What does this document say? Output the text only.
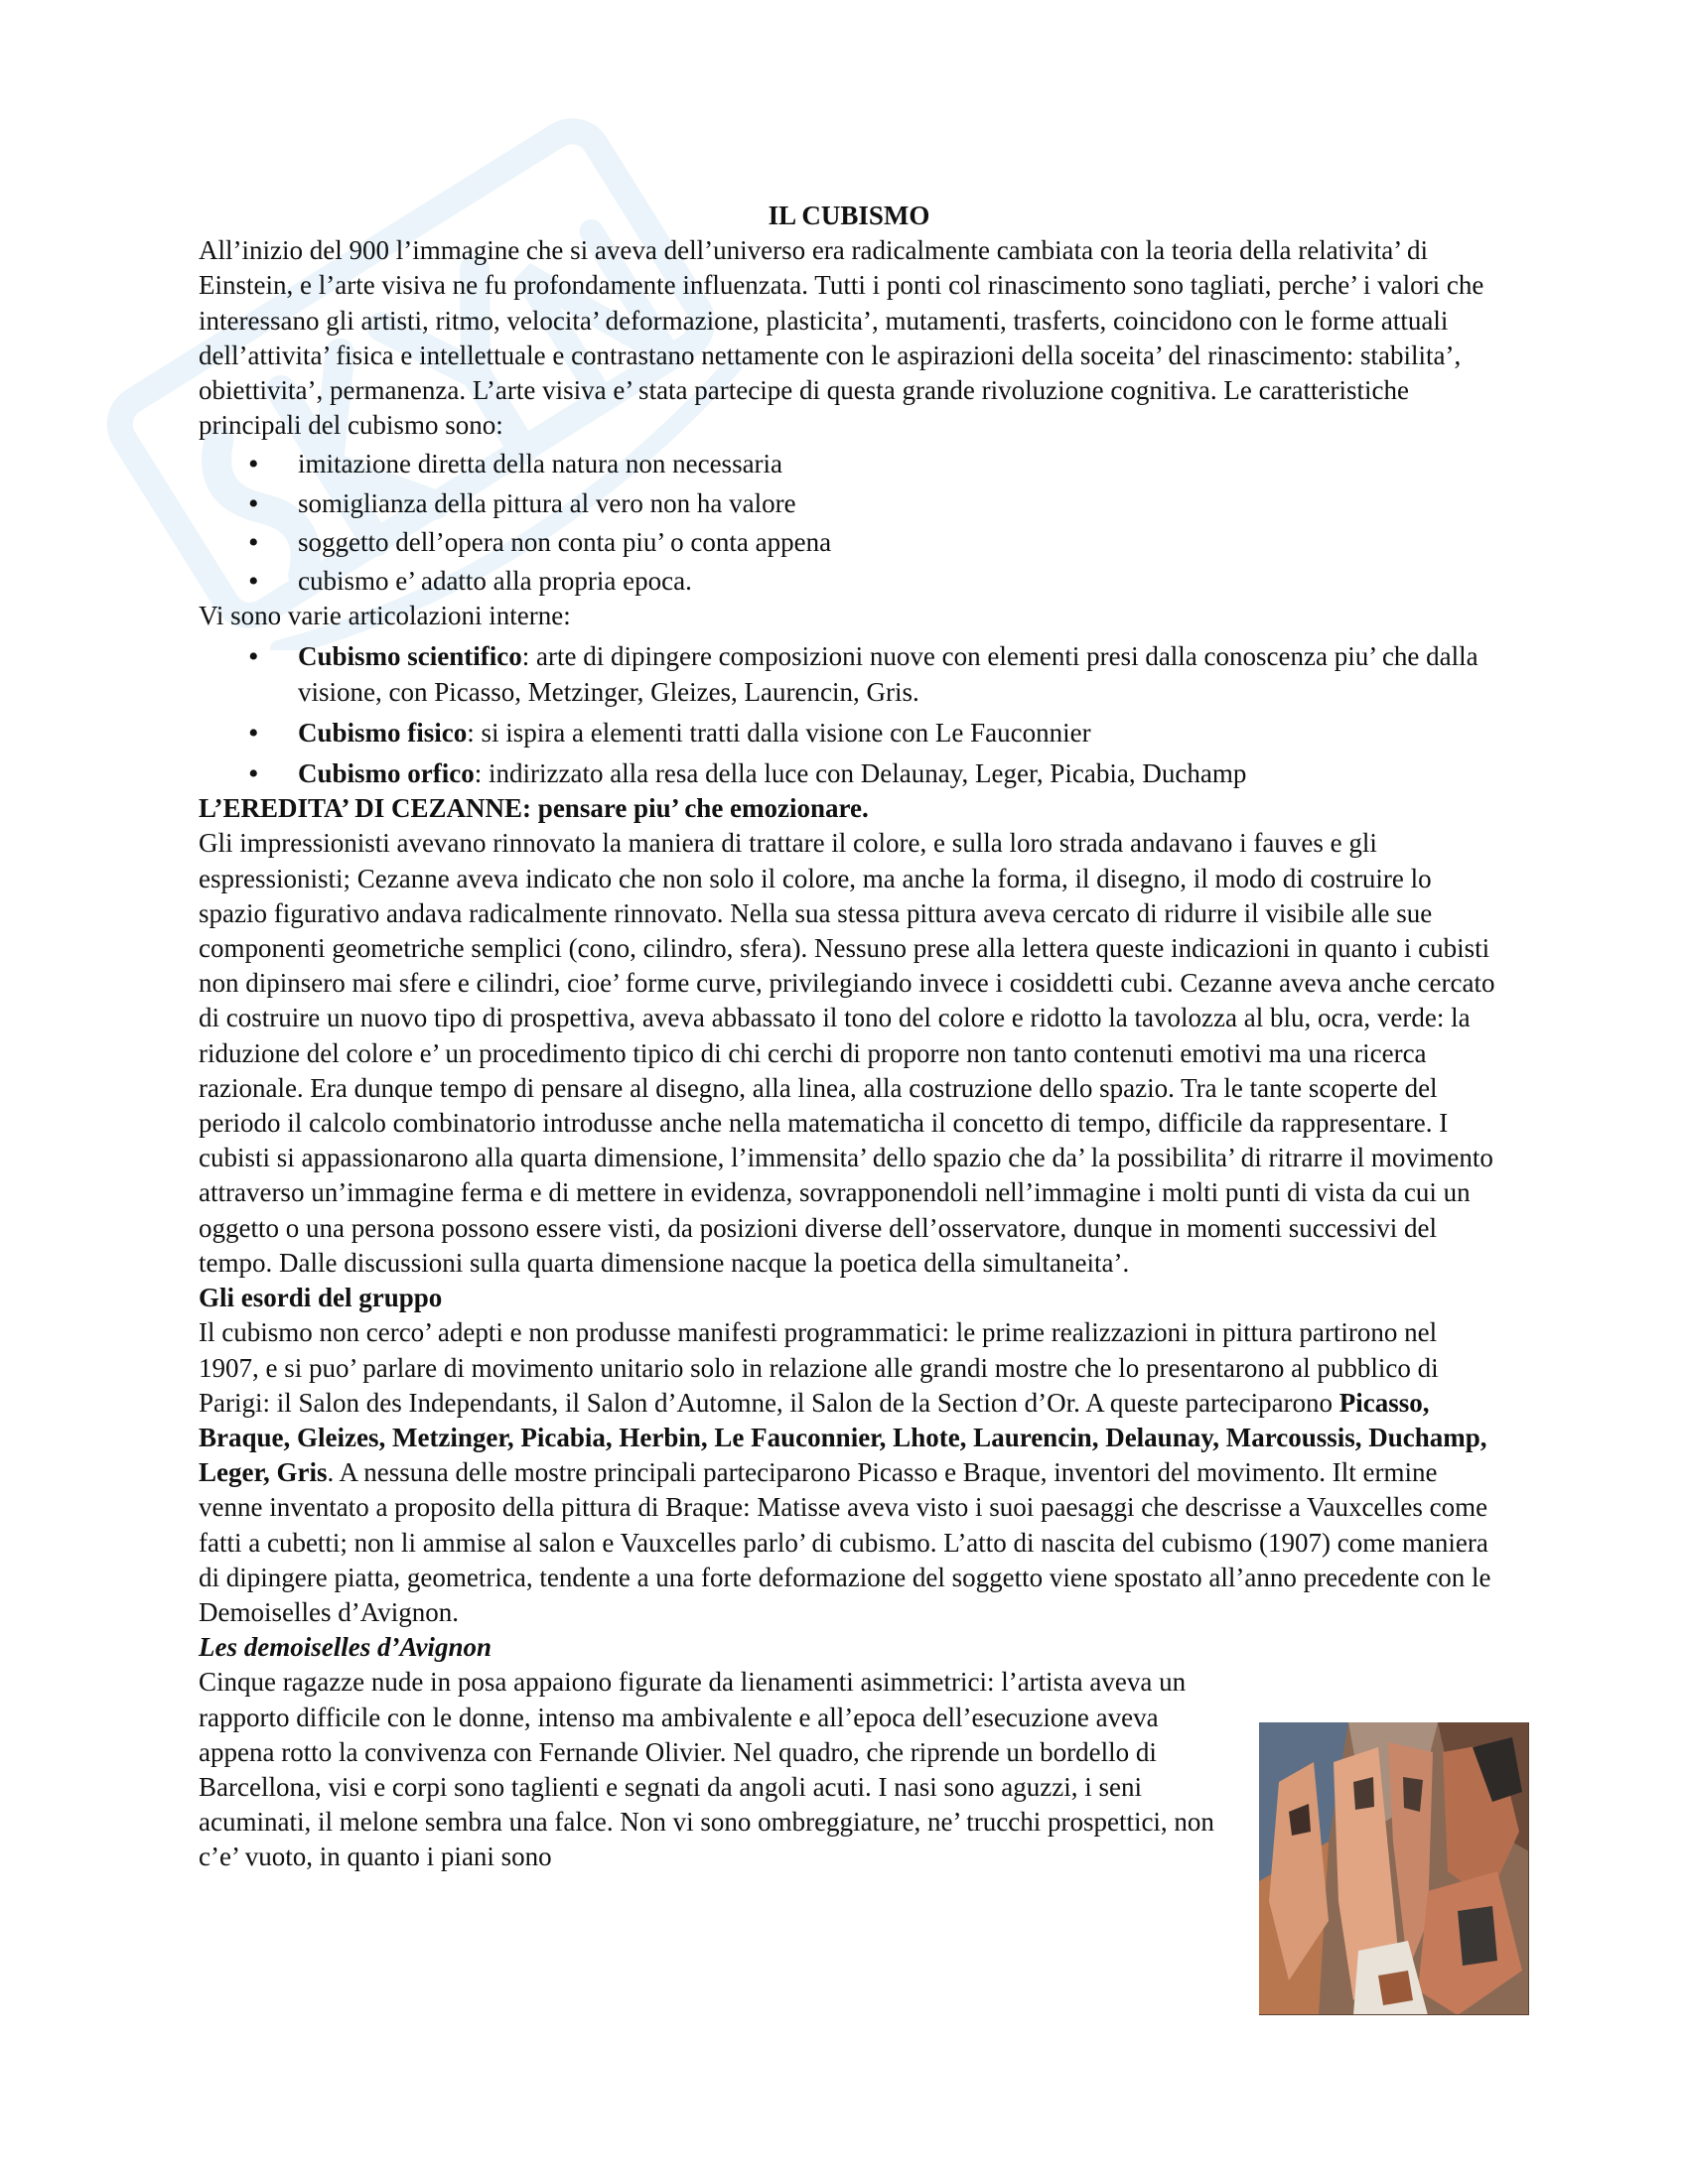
IL CUBISMO

All’inizio del 900 l’immagine che si aveva dell’universo era radicalmente cambiata con la teoria della relativita’ di Einstein, e l’arte visiva ne fu profondamente influenzata. Tutti i ponti col rinascimento sono tagliati, perche’ i valori che interessano gli artisti, ritmo, velocita’ deformazione, plasticita’, mutamenti, trasferts, coincidono con le forme attuali dell’attivita’ fisica e intellettuale e contrastano nettamente con le aspirazioni della soceita’ del rinascimento: stabilita’, obiettivita’, permanenza. L’arte visiva e’ stata partecipe di questa grande rivoluzione cognitiva. Le caratteristiche principali del cubismo sono:

• imitazione diretta della natura non necessaria
• somiglianza della pittura al vero non ha valore
• soggetto dell’opera non conta piu’ o conta appena
• cubismo e’ adatto alla propria epoca.

Vi sono varie articolazioni interne:

• Cubismo scientifico: arte di dipingere composizioni nuove con elementi presi dalla conoscenza piu’ che dalla visione, con Picasso, Metzinger, Gleizes, Laurencin, Gris.
• Cubismo fisico: si ispira a elementi tratti dalla visione con Le Fauconnier
• Cubismo orfico: indirizzato alla resa della luce con Delaunay, Leger, Picabia, Duchamp

L’EREDITA’ DI CEZANNE: pensare piu’ che emozionare.

Gli impressionisti avevano rinnovato la maniera di trattare il colore, e sulla loro strada andavano i fauves e gli espressionisti; Cezanne aveva indicato che non solo il colore, ma anche la forma, il disegno, il modo di costruire lo spazio figurativo andava radicalmente rinnovato. Nella sua stessa pittura aveva cercato di ridurre il visibile alle sue componenti geometriche semplici (cono, cilindro, sfera). Nessuno prese alla lettera queste indicazioni in quanto i cubisti non dipinsero mai sfere e cilindri, cioe’ forme curve, privilegiando invece i cosiddetti cubi. Cezanne aveva anche cercato di costruire un nuovo tipo di prospettiva, aveva abbassato il tono del colore e ridotto la tavolozza al blu, ocra, verde: la riduzione del colore e’ un procedimento tipico di chi cerchi di proporre non tanto contenuti emotivi ma una ricerca razionale. Era dunque tempo di pensare al disegno, alla linea, alla costruzione dello spazio. Tra le tante scoperte del periodo il calcolo combinatorio introdusse anche nella matematicha il concetto di tempo, difficile da rappresentare. I cubisti si appassionarono alla quarta dimensione, l’immensita’ dello spazio che da’ la possibilita’ di ritrarre il movimento attraverso un’immagine ferma e di mettere in evidenza, sovrapponendoli nell’immagine i molti punti di vista da cui un oggetto o una persona possono essere visti, da posizioni diverse dell’osservatore, dunque in momenti successivi del tempo. Dalle discussioni sulla quarta dimensione nacque la poetica della simultaneita’.

Gli esordi del gruppo

Il cubismo non cerco’ adepti e non produsse manifesti programmatici: le prime realizzazioni in pittura partirono nel 1907, e si puo’ parlare di movimento unitario solo in relazione alle grandi mostre che lo presentarono al pubblico di Parigi: il Salon des Independants, il Salon d’Automne, il Salon de la Section d’Or. A queste parteciparono Picasso, Braque, Gleizes, Metzinger, Picabia, Herbin, Le Fauconnier, Lhote, Laurencin, Delaunay, Marcoussis, Duchamp, Leger, Gris. A nessuna delle mostre principali parteciparono Picasso e Braque, inventori del movimento. Ilt ermine venne inventato a proposito della pittura di Braque: Matisse aveva visto i suoi paesaggi che descrisse a Vauxcelles come fatti a cubetti; non li ammise al salon e Vauxcelles parlo’ di cubismo. L’atto di nascita del cubismo (1907) come maniera di dipingere piatta, geometrica, tendente a una forte deformazione del soggetto viene spostato all’anno precedente con le Demoiselles d’Avignon.

Les demoiselles d’Avignon

Cinque ragazze nude in posa appaiono figurate da lienamenti asimmetrici: l’artista aveva un rapporto difficile con le donne, intenso ma ambivalente e all’epoca dell’esecuzione aveva appena rotto la convivenza con Fernande Olivier. Nel quadro, che riprende un bordello di Barcellona, visi e corpi sono taglienti e segnati da angoli acuti. I nasi sono aguzzi, i seni acuminati, il melone sembra una falce. Non vi sono ombreggiature, ne’ trucchi prospettici, non c’e’ vuoto, in quanto i piani sono
